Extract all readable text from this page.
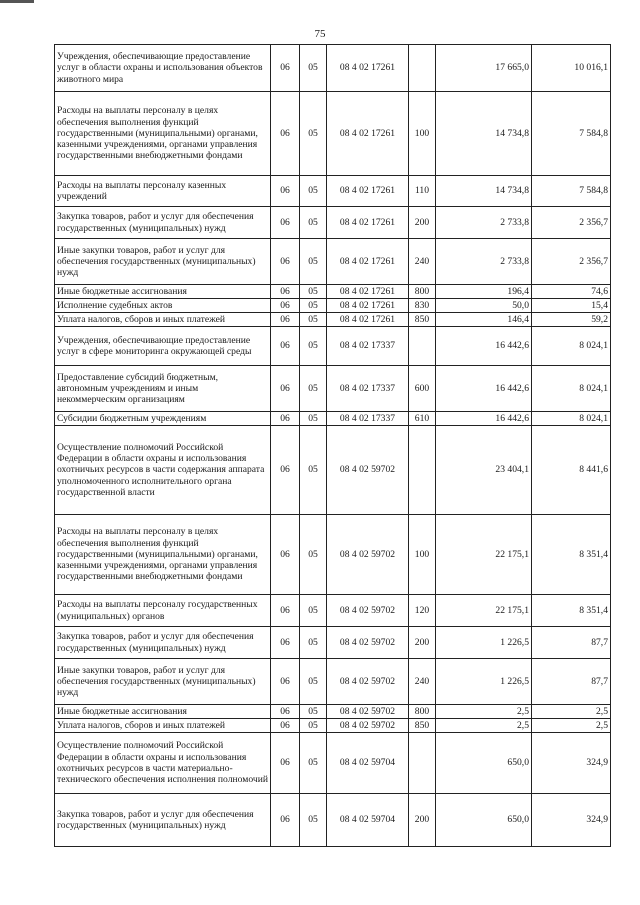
75
Учреждения, обеспечивающие предоставление услуг в области охраны и использования объектов животного мира	06	05	08 4 02 17261		17 665,0	10 016,1
Расходы на выплаты персоналу в целях обеспечения выполнения функций государственными (муниципальными) органами, казенными учреждениями, органами управления государственными внебюджетными фондами	06	05	08 4 02 17261	100	14 734,8	7 584,8
Расходы на выплаты персоналу казенных учреждений	06	05	08 4 02 17261	110	14 734,8	7 584,8
Закупка товаров, работ и услуг для обеспечения государственных (муниципальных) нужд	06	05	08 4 02 17261	200	2 733,8	2 356,7
Иные закупки товаров, работ и услуг для обеспечения государственных (муниципальных) нужд	06	05	08 4 02 17261	240	2 733,8	2 356,7
Иные бюджетные ассигнования	06	05	08 4 02 17261	800	196,4	74,6
Исполнение судебных актов	06	05	08 4 02 17261	830	50,0	15,4
Уплата налогов, сборов и иных платежей	06	05	08 4 02 17261	850	146,4	59,2
Учреждения, обеспечивающие предоставление услуг в сфере мониторинга окружающей среды	06	05	08 4 02 17337		16 442,6	8 024,1
Предоставление субсидий бюджетным, автономным учреждениям и иным некоммерческим организациям	06	05	08 4 02 17337	600	16 442,6	8 024,1
Субсидии бюджетным учреждениям	06	05	08 4 02 17337	610	16 442,6	8 024,1
Осуществление полномочий Российской Федерации в области охраны и использования охотничьих ресурсов в части содержания аппарата уполномоченного исполнительного органа государственной власти	06	05	08 4 02 59702		23 404,1	8 441,6
Расходы на выплаты персоналу в целях обеспечения выполнения функций государственными (муниципальными) органами, казенными учреждениями, органами управления государственными внебюджетными фондами	06	05	08 4 02 59702	100	22 175,1	8 351,4
Расходы на выплаты персоналу государственных (муниципальных) органов	06	05	08 4 02 59702	120	22 175,1	8 351,4
Закупка товаров, работ и услуг для обеспечения государственных (муниципальных) нужд	06	05	08 4 02 59702	200	1 226,5	87,7
Иные закупки товаров, работ и услуг для обеспечения государственных (муниципальных) нужд	06	05	08 4 02 59702	240	1 226,5	87,7
Иные бюджетные ассигнования	06	05	08 4 02 59702	800	2,5	2,5
Уплата налогов, сборов и иных платежей	06	05	08 4 02 59702	850	2,5	2,5
Осуществление полномочий Российской Федерации в области охраны и использования охотничьих ресурсов в части материально-технического обеспечения исполнения полномочий	06	05	08 4 02 59704		650,0	324,9
Закупка товаров, работ и услуг для обеспечения государственных (муниципальных) нужд	06	05	08 4 02 59704	200	650,0	324,9
